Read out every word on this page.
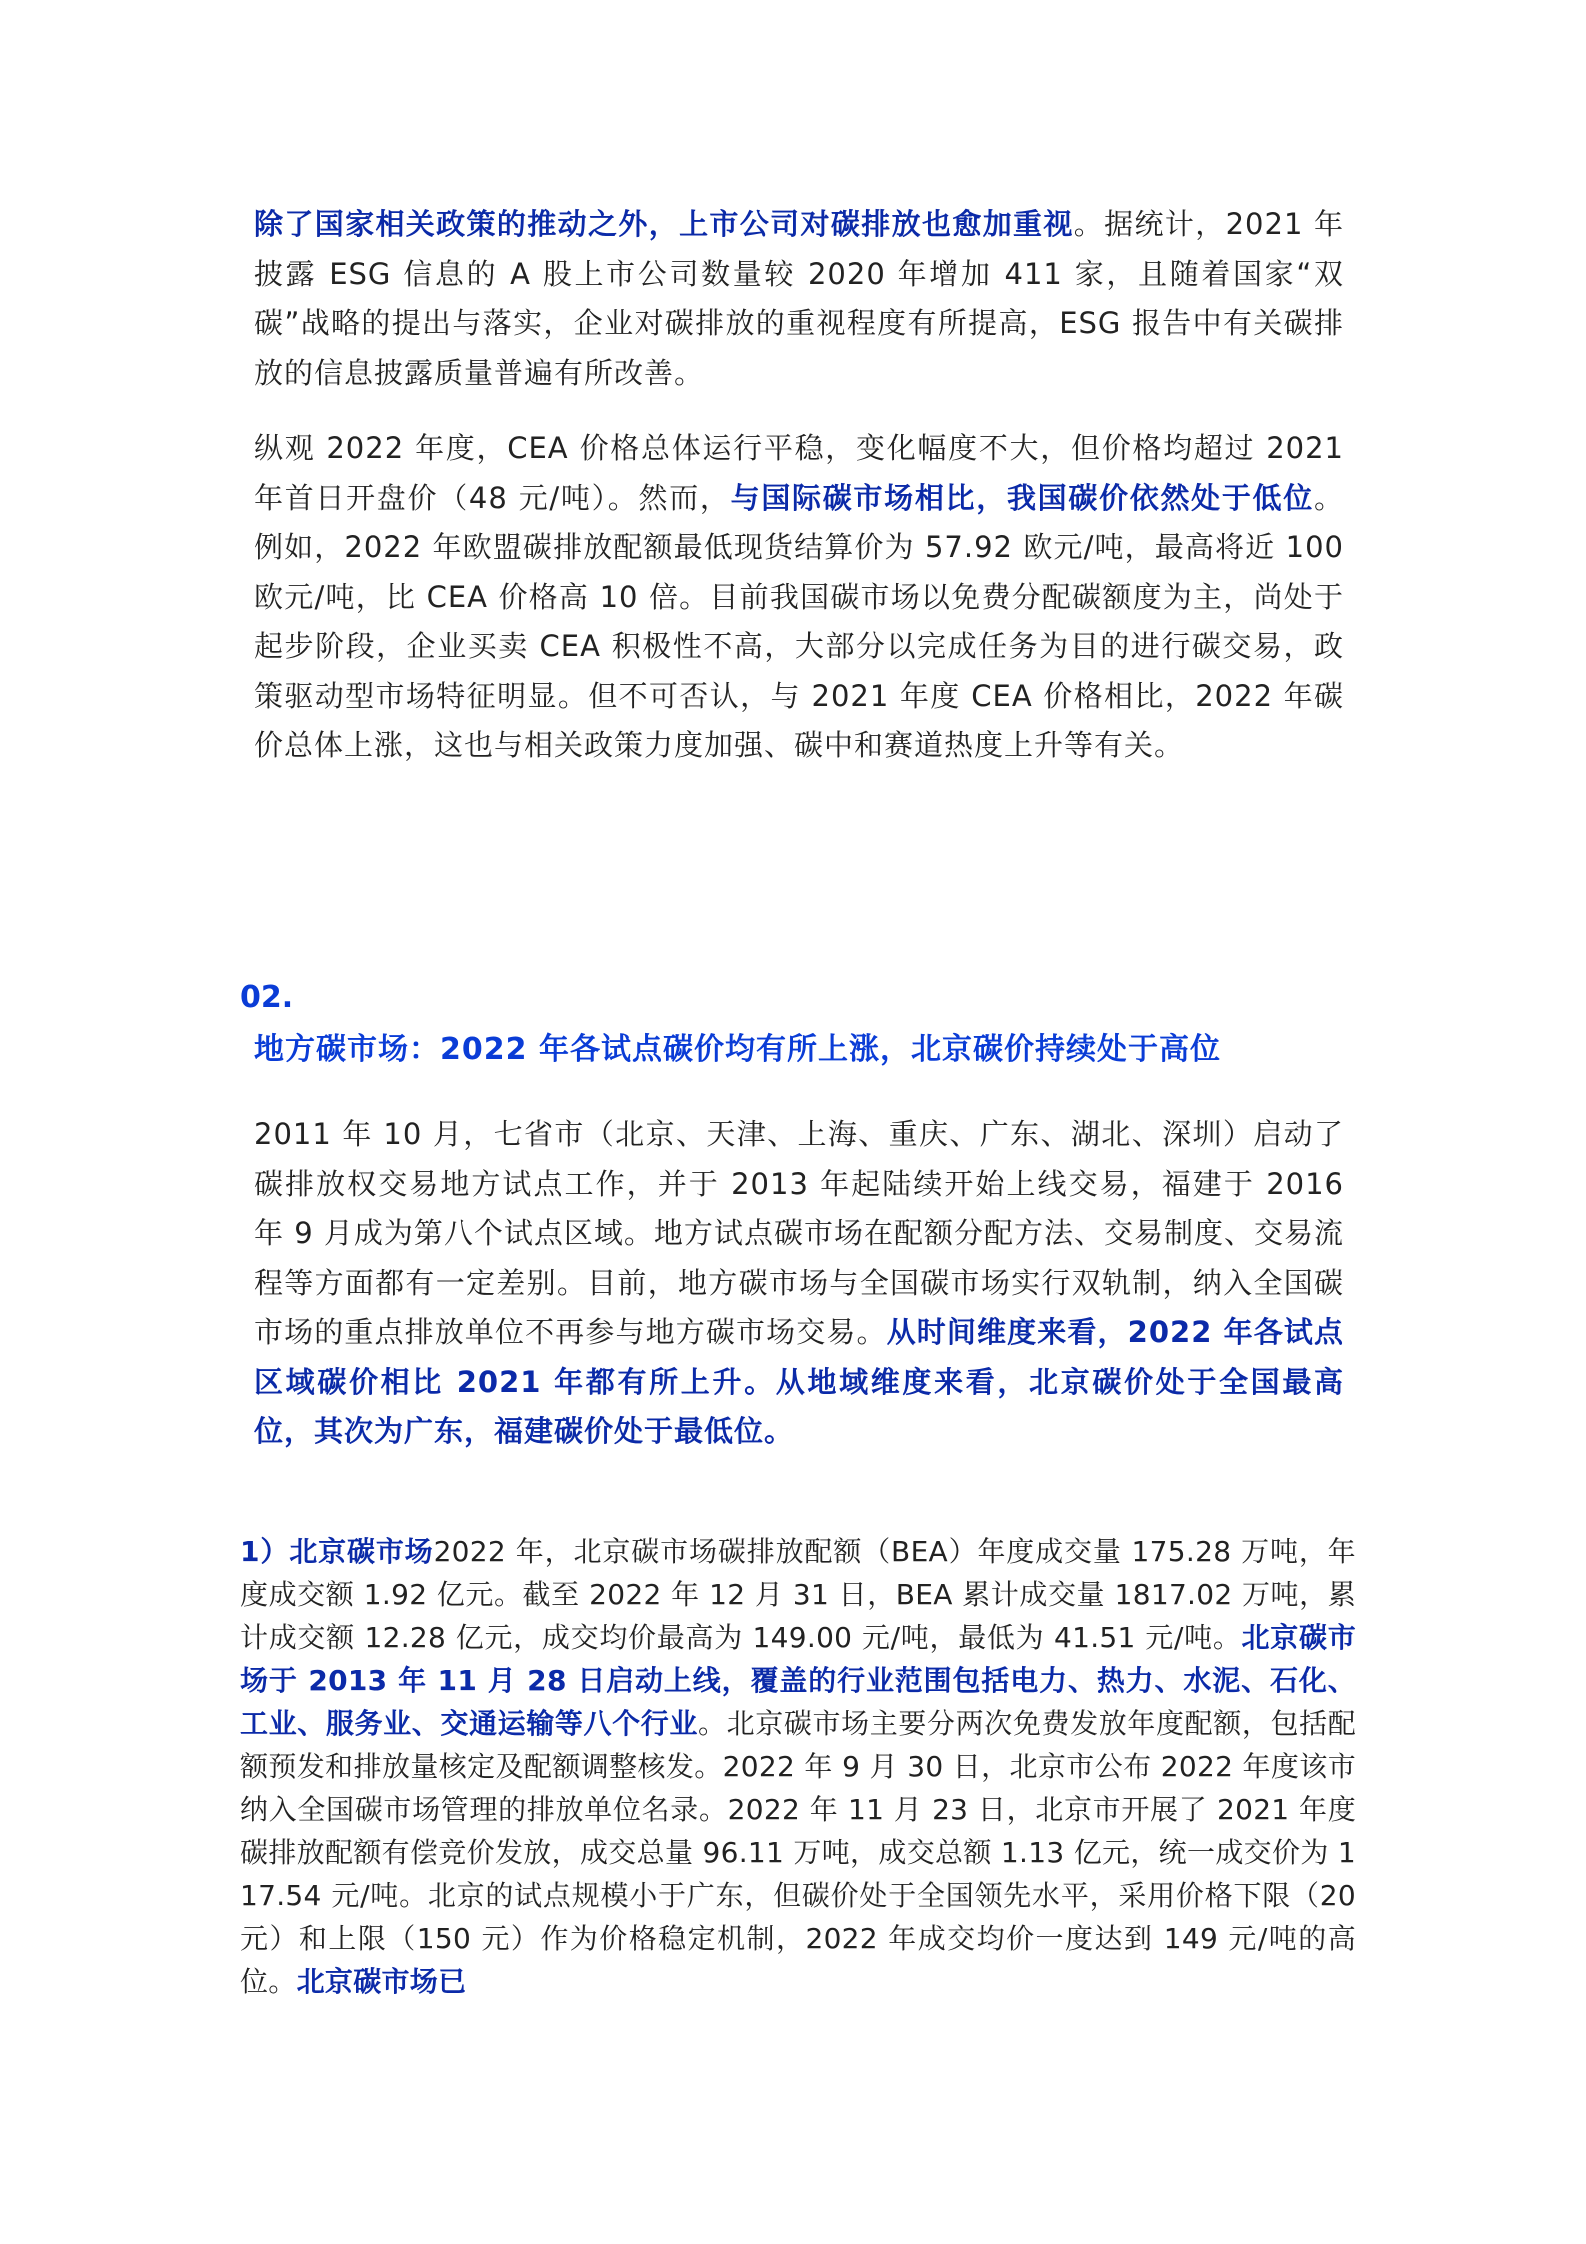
除了国家相关政策的推动之外，上市公司对碳排放也愈加重视。据统计，2021 年披露 ESG 信息的 A 股上市公司数量较 2020 年增加 411 家，且随着国家“双碳”战略的提出与落实，企业对碳排放的重视程度有所提高，ESG 报告中有关碳排放的信息披露质量普遍有所改善。

纵观 2022 年度，CEA 价格总体运行平稳，变化幅度不大，但价格均超过 2021 年首日开盘价（48 元/吨）。然而，与国际碳市场相比，我国碳价依然处于低位。例如，2022 年欧盟碳排放配额最低现货结算价为 57.92 欧元/吨，最高将近 100 欧元/吨，比 CEA 价格高 10 倍。目前我国碳市场以免费分配碳额度为主，尚处于起步阶段，企业买卖 CEA 积极性不高，大部分以完成任务为目的进行碳交易，政策驱动型市场特征明显。但不可否认，与 2021 年度 CEA 价格相比，2022 年碳价总体上涨，这也与相关政策力度加强、碳中和赛道热度上升等有关。

02.
地方碳市场：2022 年各试点碳价均有所上涨，北京碳价持续处于高位

2011 年 10 月，七省市（北京、天津、上海、重庆、广东、湖北、深圳）启动了碳排放权交易地方试点工作，并于 2013 年起陆续开始上线交易，福建于 2016 年 9 月成为第八个试点区域。地方试点碳市场在配额分配方法、交易制度、交易流程等方面都有一定差别。目前，地方碳市场与全国碳市场实行双轨制，纳入全国碳市场的重点排放单位不再参与地方碳市场交易。从时间维度来看，2022 年各试点区域碳价相比 2021 年都有所上升。从地域维度来看，北京碳价处于全国最高位，其次为广东，福建碳价处于最低位。

1）北京碳市场2022 年，北京碳市场碳排放配额（BEA）年度成交量 175.28 万吨，年度成交额 1.92 亿元。截至 2022 年 12 月 31 日，BEA 累计成交量 1817.02 万吨，累计成交额 12.28 亿元，成交均价最高为 149.00 元/吨，最低为 41.51 元/吨。北京碳市场于 2013 年 11 月 28 日启动上线，覆盖的行业范围包括电力、热力、水泥、石化、工业、服务业、交通运输等八个行业。北京碳市场主要分两次免费发放年度配额，包括配额预发和排放量核定及配额调整核发。2022 年 9 月 30 日，北京市公布 2022 年度该市纳入全国碳市场管理的排放单位名录。2022 年 11 月 23 日，北京市开展了 2021 年度碳排放配额有偿竞价发放，成交总量 96.11 万吨，成交总额 1.13 亿元，统一成交价为 117.54 元/吨。北京的试点规模小于广东，但碳价处于全国领先水平，采用价格下限（20 元）和上限（150 元）作为价格稳定机制，2022 年成交均价一度达到 149 元/吨的高位。北京碳市场已
